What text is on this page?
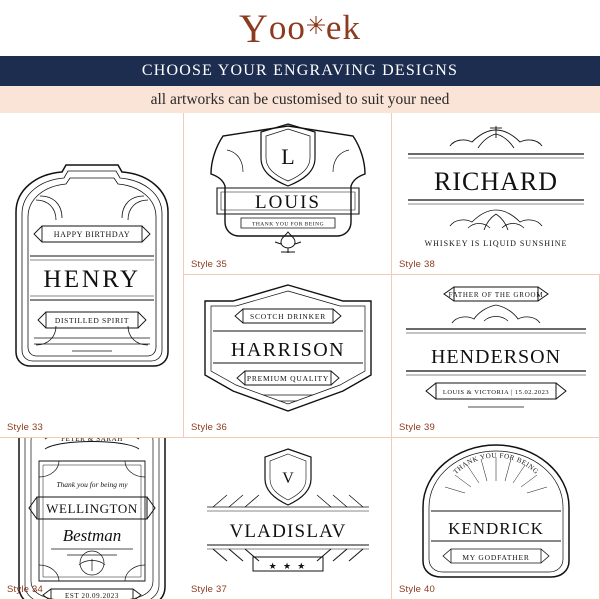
Y oo ek
CHOOSE YOUR ENGRAVING DESIGNS
all artworks can be customised to suit your need
HAPPY BIRTHDAY
HENRY
DISTILLED SPIRIT
Style 33
L
LOUIS
THANK YOU FOR BEING
Style 35
RICHARD
WHISKEY IS LIQUID SUNSHINE
Style 38
SCOTCH DRINKER
HARRISON
PREMIUM QUALITY
Style 36
FATHER OF THE GROOM
HENDERSON
LOUIS & VICTORIA | 15.02.2023
Style 39
PETER & SARAH
Thank you for being my
WELLINGTON
Bestman
EST 20.09.2023
Style 34
V
VLADISLAV
★ ★ ★
Style 37
THANK YOU FOR BEING
KENDRICK
MY GODFATHER
Style 40
